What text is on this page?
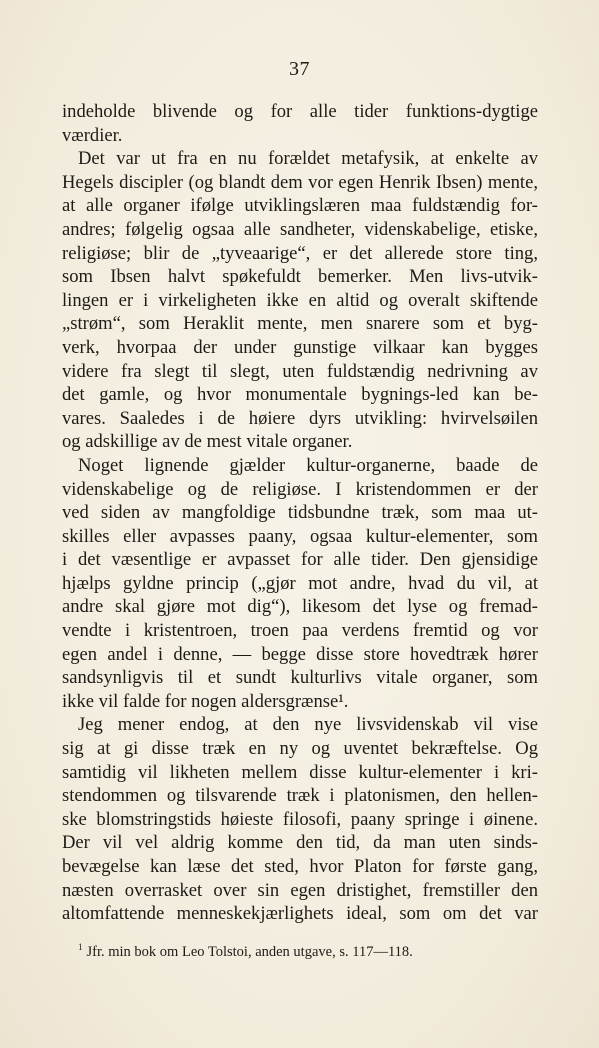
37
indeholde blivende og for alle tider funktions-dygtige
værdier.
Det var ut fra en nu forældet metafysik, at enkelte av
Hegels discipler (og blandt dem vor egen Henrik Ibsen) mente,
at alle organer ifølge utviklingslæren maa fuldstændig for-
andres; følgelig ogsaa alle sandheter, videnskabelige, etiske,
religiøse; blir de „tyveaarige“, er det allerede store ting,
som Ibsen halvt spøkefuldt bemerker. Men livs-utvik-
lingen er i virkeligheten ikke en altid og overalt skiftende
„strøm“, som Heraklit mente, men snarere som et byg-
verk, hvorpaa der under gunstige vilkaar kan bygges
videre fra slegt til slegt, uten fuldstændig nedrivning av
det gamle, og hvor monumentale bygnings-led kan be-
vares. Saaledes i de høiere dyrs utvikling: hvirvelsøilen
og adskillige av de mest vitale organer.
Noget lignende gjælder kultur-organerne, baade de
videnskabelige og de religiøse. I kristendommen er der
ved siden av mangfoldige tidsbundne træk, som maa ut-
skilles eller avpasses paany, ogsaa kultur-elementer, som
i det væsentlige er avpasset for alle tider. Den gjensidige
hjælps gyldne princip („gjør mot andre, hvad du vil, at
andre skal gjøre mot dig“), likesom det lyse og fremad-
vendte i kristentroen, troen paa verdens fremtid og vor
egen andel i denne, — begge disse store hovedtræk hører
sandsynligvis til et sundt kulturlivs vitale organer, som
ikke vil falde for nogen aldersgrænse¹.
Jeg mener endog, at den nye livsvidenskab vil vise
sig at gi disse træk en ny og uventet bekræftelse. Og
samtidig vil likheten mellem disse kultur-elementer i kri-
stendommen og tilsvarende træk i platonismen, den hellen-
ske blomstringstids høieste filosofi, paany springe i øinene.
Der vil vel aldrig komme den tid, da man uten sinds-
bevægelse kan læse det sted, hvor Platon for første gang,
næsten overrasket over sin egen dristighet, fremstiller den
altomfattende menneskekjærlighets ideal, som om det var
$^1$ Jfr. min bok om Leo Tolstoi, anden utgave, s. 117—118.
